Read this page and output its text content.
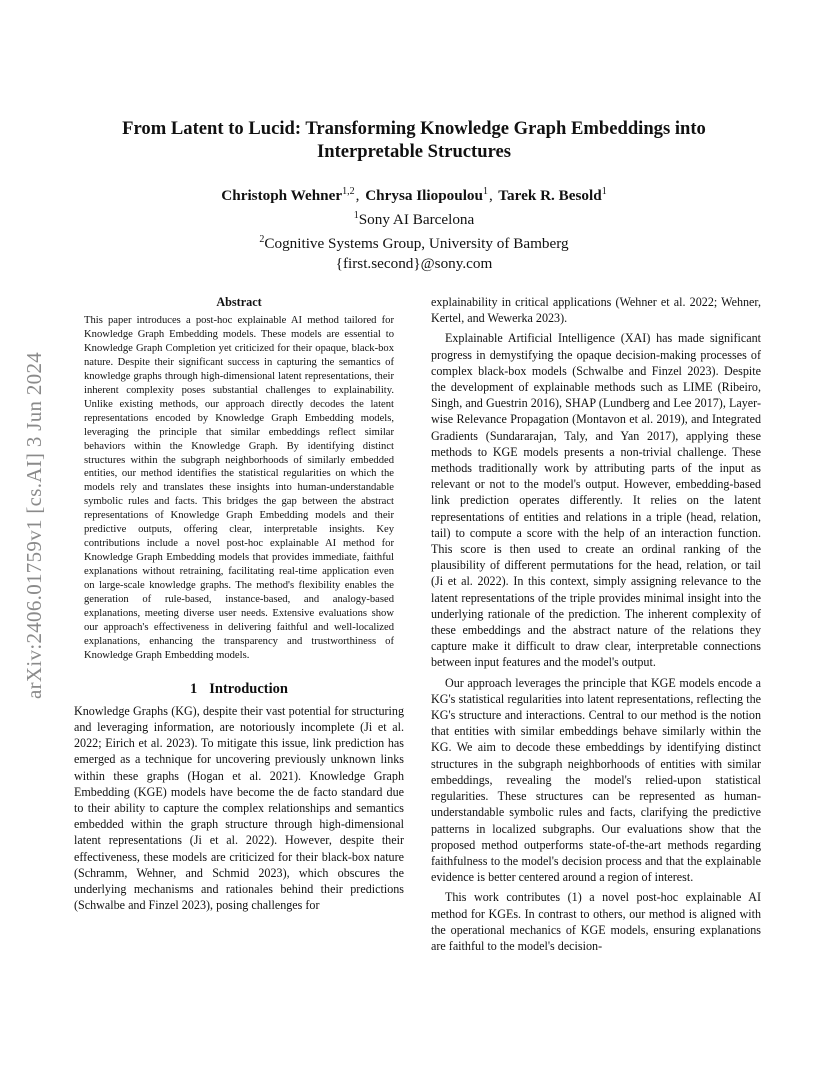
arXiv:2406.01759v1 [cs.AI] 3 Jun 2024
From Latent to Lucid: Transforming Knowledge Graph Embeddings into
Interpretable Structures
Christoph Wehner$^{1,2}$, Chrysa Iliopoulou$^1$, Tarek R. Besold$^1$
$^1$Sony AI Barcelona
$^2$Cognitive Systems Group, University of Bamberg
{first.second}@sony.com
Abstract

This paper introduces a post-hoc explainable AI method tailored for Knowledge Graph Embedding models. These models are essential to Knowledge Graph Completion yet criticized for their opaque, black-box nature. Despite their significant success in capturing the semantics of knowledge graphs through high-dimensional latent representations, their inherent complexity poses substantial challenges to explainability. Unlike existing methods, our approach directly decodes the latent representations encoded by Knowledge Graph Embedding models, leveraging the principle that similar embeddings reflect similar behaviors within the Knowledge Graph. By identifying distinct structures within the subgraph neighborhoods of similarly embedded entities, our method identifies the statistical regularities on which the models rely and translates these insights into human-understandable symbolic rules and facts. This bridges the gap between the abstract representations of Knowledge Graph Embedding models and their predictive outputs, offering clear, interpretable insights. Key contributions include a novel post-hoc explainable AI method for Knowledge Graph Embedding models that provides immediate, faithful explanations without retraining, facilitating real-time application even on large-scale knowledge graphs. The method's flexibility enables the generation of rule-based, instance-based, and analogy-based explanations, meeting diverse user needs. Extensive evaluations show our approach's effectiveness in delivering faithful and well-localized explanations, enhancing the transparency and trustworthiness of Knowledge Graph Embedding models.

1 Introduction

Knowledge Graphs (KG), despite their vast potential for structuring and leveraging information, are notoriously incomplete (Ji et al. 2022; Eirich et al. 2023). To mitigate this issue, link prediction has emerged as a technique for uncovering previously unknown links within these graphs (Hogan et al. 2021). Knowledge Graph Embedding (KGE) models have become the de facto standard due to their ability to capture the complex relationships and semantics embedded within the graph structure through high-dimensional latent representations (Ji et al. 2022). However, despite their effectiveness, these models are criticized for their black-box nature (Schramm, Wehner, and Schmid 2023), which obscures the underlying mechanisms and rationales behind their predictions (Schwalbe and Finzel 2023), posing challenges for

explainability in critical applications (Wehner et al. 2022; Wehner, Kertel, and Wewerka 2023).

Explainable Artificial Intelligence (XAI) has made significant progress in demystifying the opaque decision-making processes of complex black-box models (Schwalbe and Finzel 2023). Despite the development of explainable methods such as LIME (Ribeiro, Singh, and Guestrin 2016), SHAP (Lundberg and Lee 2017), Layer-wise Relevance Propagation (Montavon et al. 2019), and Integrated Gradients (Sundararajan, Taly, and Yan 2017), applying these methods to KGE models presents a non-trivial challenge. These methods traditionally work by attributing parts of the input as relevant or not to the model's output. However, embedding-based link prediction operates differently. It relies on the latent representations of entities and relations in a triple (head, relation, tail) to compute a score with the help of an interaction function. This score is then used to create an ordinal ranking of the plausibility of different permutations for the head, relation, or tail (Ji et al. 2022). In this context, simply assigning relevance to the latent representations of the triple provides minimal insight into the underlying rationale of the prediction. The inherent complexity of these embeddings and the abstract nature of the relations they capture make it difficult to draw clear, interpretable connections between input features and the model's output.

Our approach leverages the principle that KGE models encode a KG's statistical regularities into latent representations, reflecting the KG's structure and interactions. Central to our method is the notion that entities with similar embeddings behave similarly within the KG. We aim to decode these embeddings by identifying distinct structures in the subgraph neighborhoods of entities with similar embeddings, revealing the model's relied-upon statistical regularities. These structures can be represented as human-understandable symbolic rules and facts, clarifying the predictive patterns in localized subgraphs. Our evaluations show that the proposed method outperforms state-of-the-art methods regarding faithfulness to the model's decision process and that the explainable evidence is better centered around a region of interest.

This work contributes (1) a novel post-hoc explainable AI method for KGEs. In contrast to others, our method is aligned with the operational mechanics of KGE models, ensuring explanations are faithful to the model's decision-
